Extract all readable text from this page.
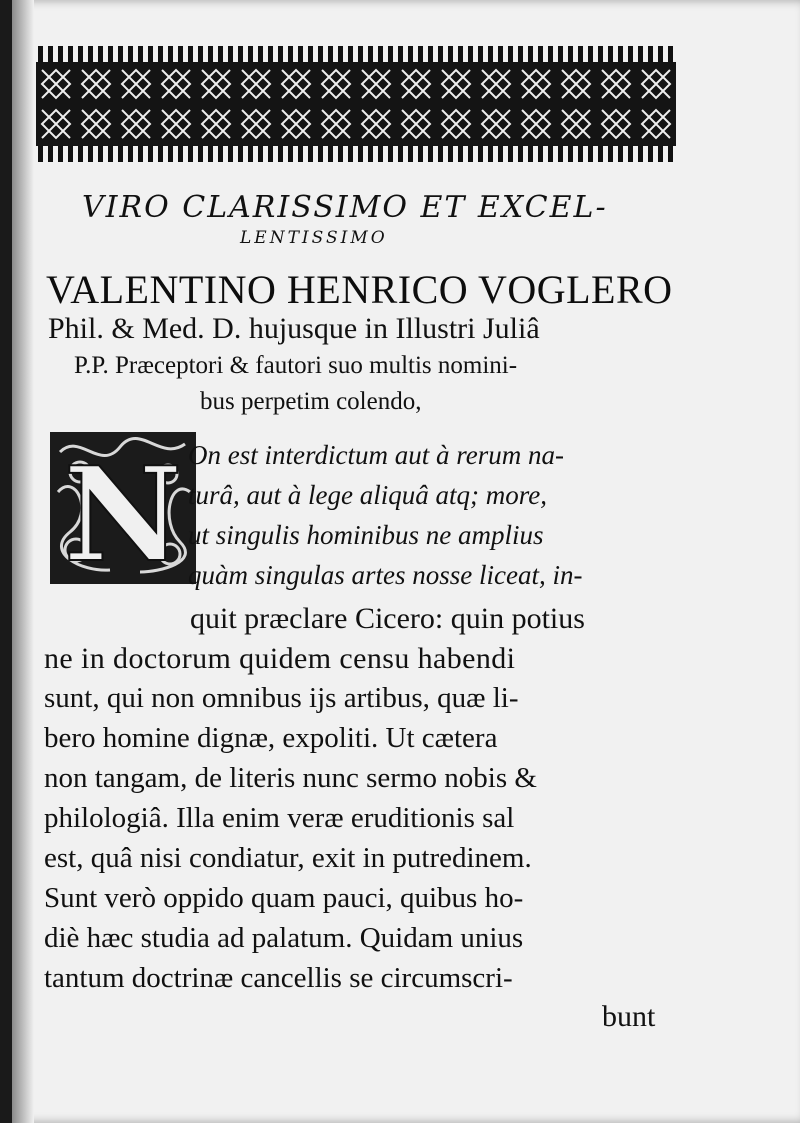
VIRO CLARISSIMO ET EXCEL-
LENTISSIMO
VALENTINO HENRICO VOGLERO
Phil. & Med. D. hujusque in Illustri Juliâ
P.P. Præceptori & fautori suo multis nomini-
bus perpetim colendo,
N On est interdictum aut à rerum na-
turâ, aut à lege aliquâ atq; more,
ut singulis hominibus ne amplius
quàm singulas artes nosse liceat, in-
quit præclare Cicero: quin potius
ne in doctorum quidem censu habendi
sunt, qui non omnibus ijs artibus, quæ li-
bero homine dignæ, expoliti. Ut cætera
non tangam, de literis nunc sermo nobis &
philologiâ. Illa enim veræ eruditionis sal
est, quâ nisi condiatur, exit in putredinem.
Sunt verò oppido quam pauci, quibus ho-
diè hæc studia ad palatum. Quidam unius
tantum doctrinæ cancellis se circumscri-
bunt
